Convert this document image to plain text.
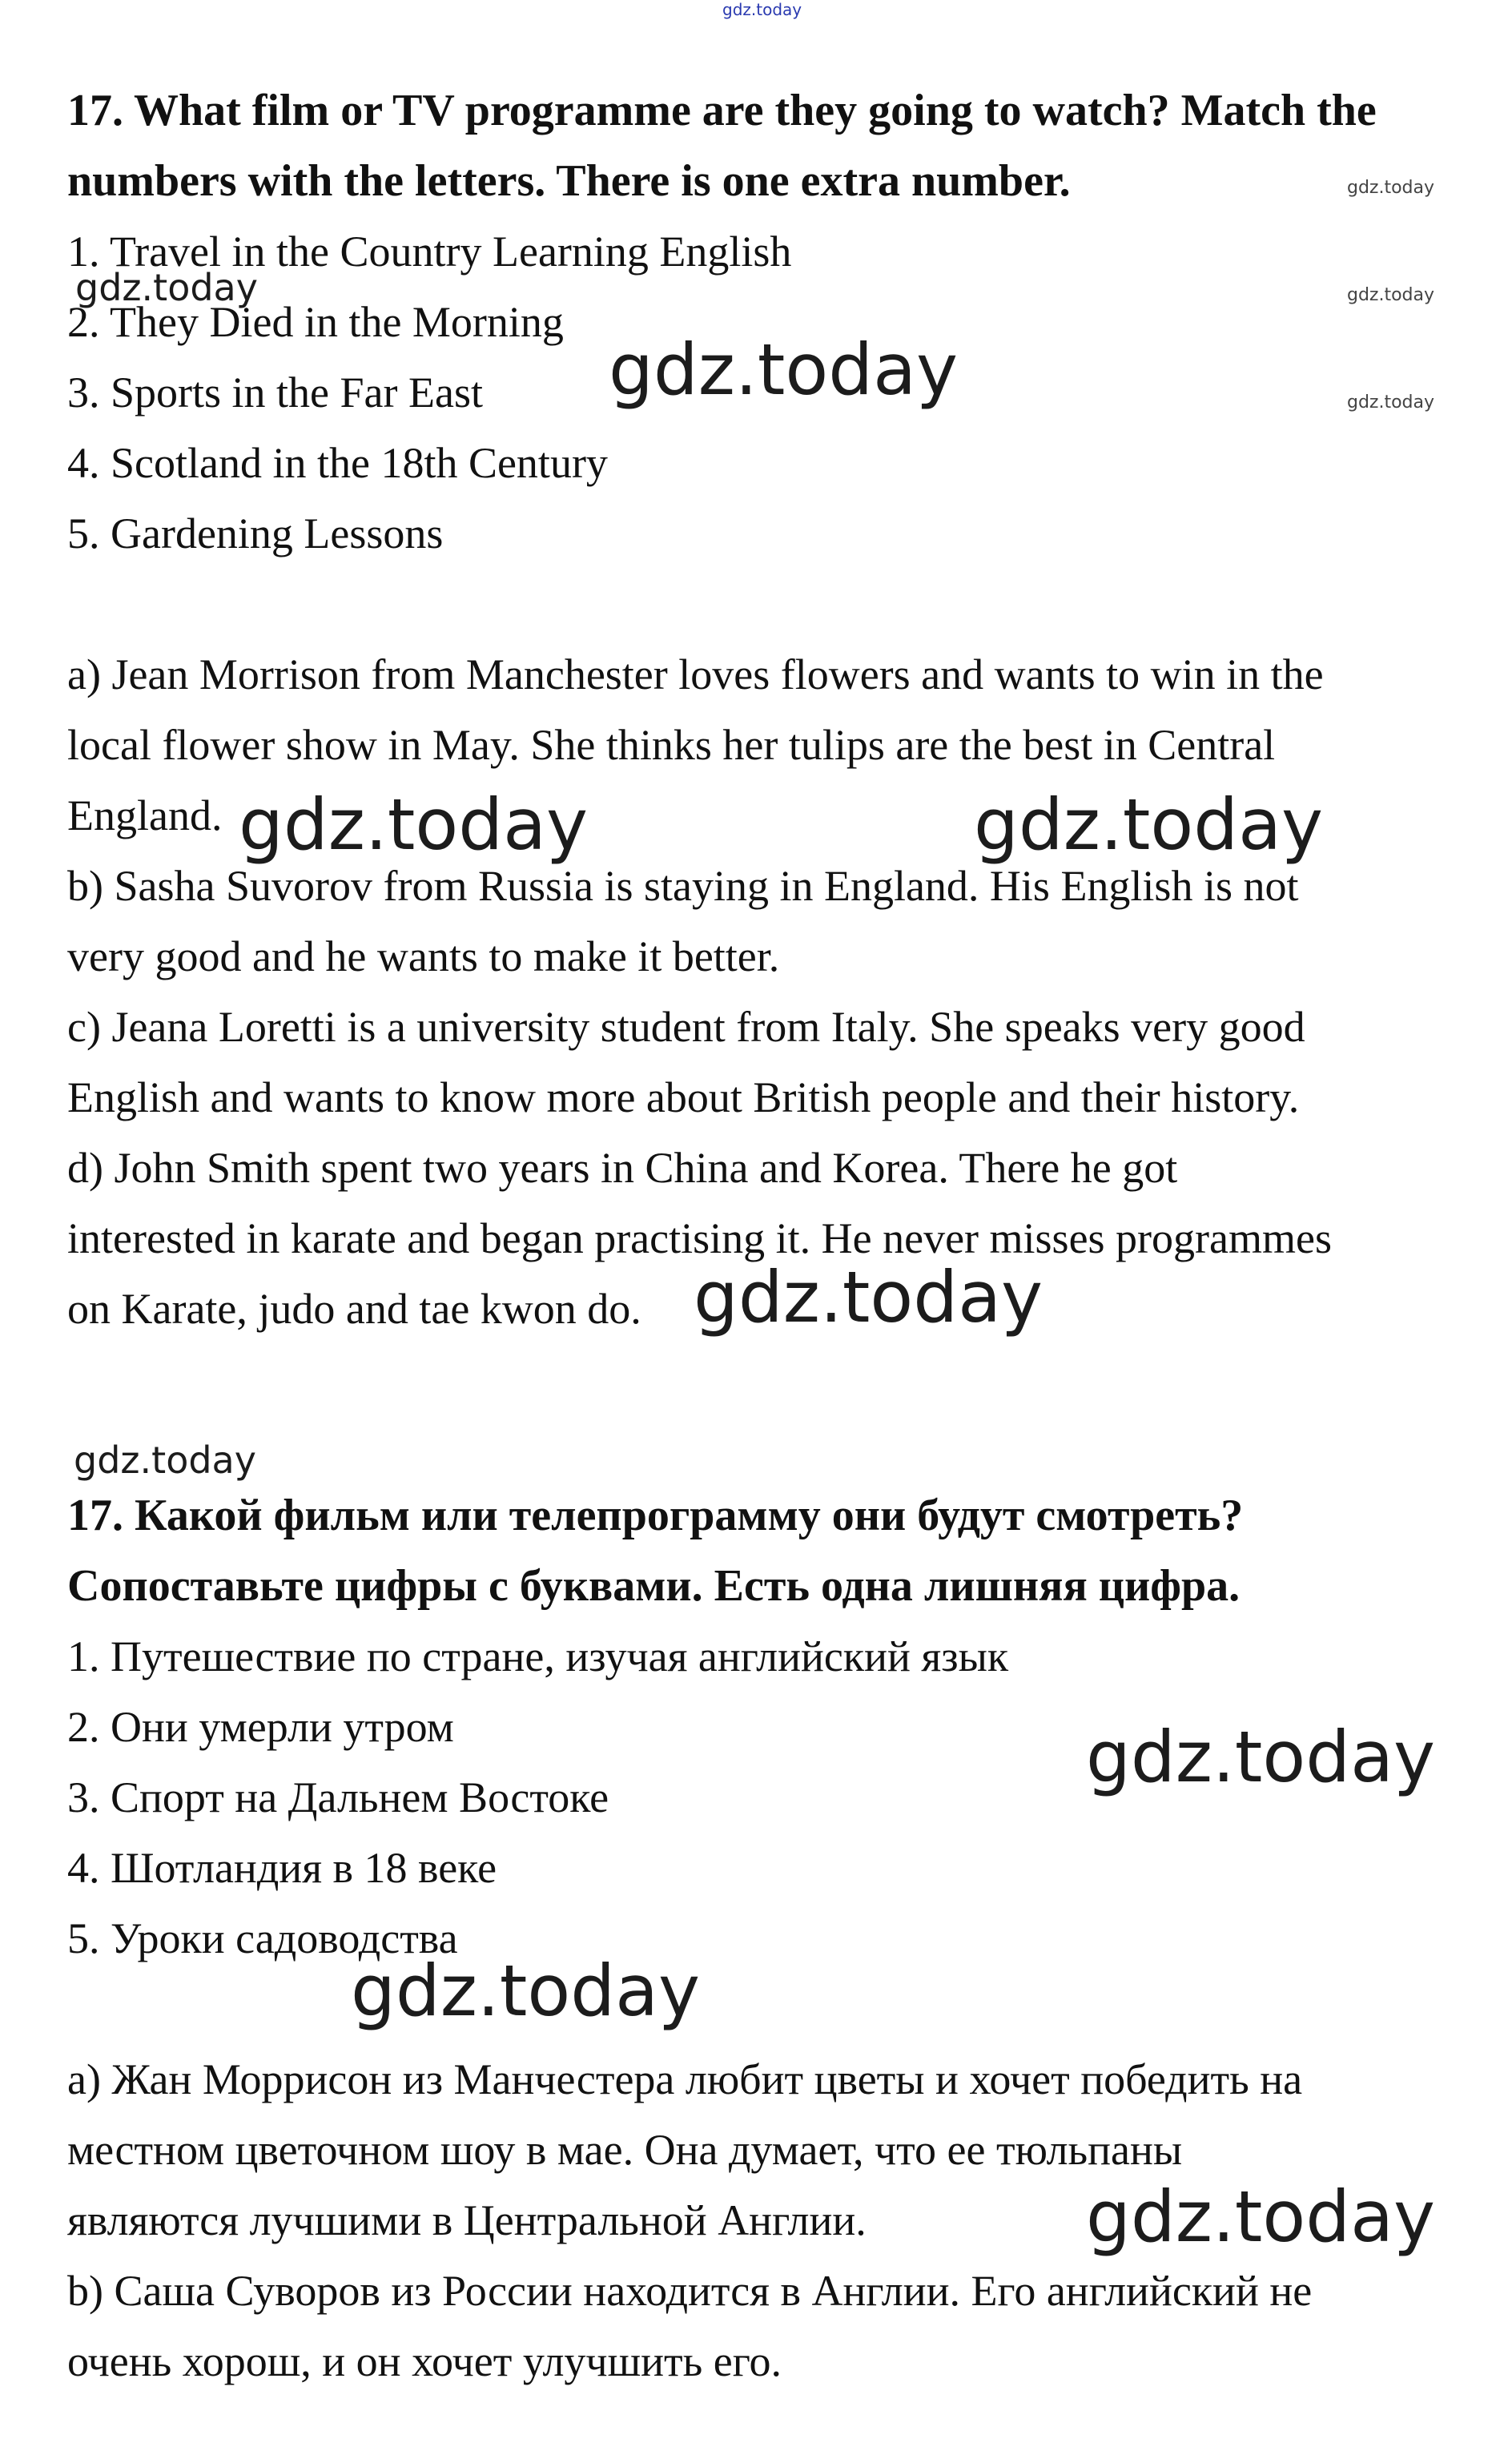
gdz.today
17. What film or TV programme are they going to watch? Match the
numbers with the letters. There is one extra number.
1. Travel in the Country Learning English
2. They Died in the Morning
3. Sports in the Far East
4. Scotland in the 18th Century
5. Gardening Lessons
a) Jean Morrison from Manchester loves flowers and wants to win in the
local flower show in May. She thinks her tulips are the best in Central
England.
b) Sasha Suvorov from Russia is staying in England. His English is not
very good and he wants to make it better.
c) Jeana Loretti is a university student from Italy. She speaks very good
English and wants to know more about British people and their history.
d) John Smith spent two years in China and Korea. There he got
interested in karate and began practising it. He never misses programmes
on Karate, judo and tae kwon do.
17. Какой фильм или телепрограмму они будут смотреть?
Сопоставьте цифры с буквами. Есть одна лишняя цифра.
1. Путешествие по стране, изучая английский язык
2. Они умерли утром
3. Спорт на Дальнем Востоке
4. Шотландия в 18 веке
5. Уроки садоводства
a) Жан Моррисон из Манчестера любит цветы и хочет победить на
местном цветочном шоу в мае. Она думает, что ее тюльпаны
являются лучшими в Центральной Англии.
b) Саша Суворов из России находится в Англии. Его английский не
очень хорош, и он хочет улучшить его.
gdz.today
gdz.today
gdz.today
gdz.today
gdz.today
gdz.today	gdz.today
gdz.today
gdz.today
gdz.today
gdz.today
gdz.today
